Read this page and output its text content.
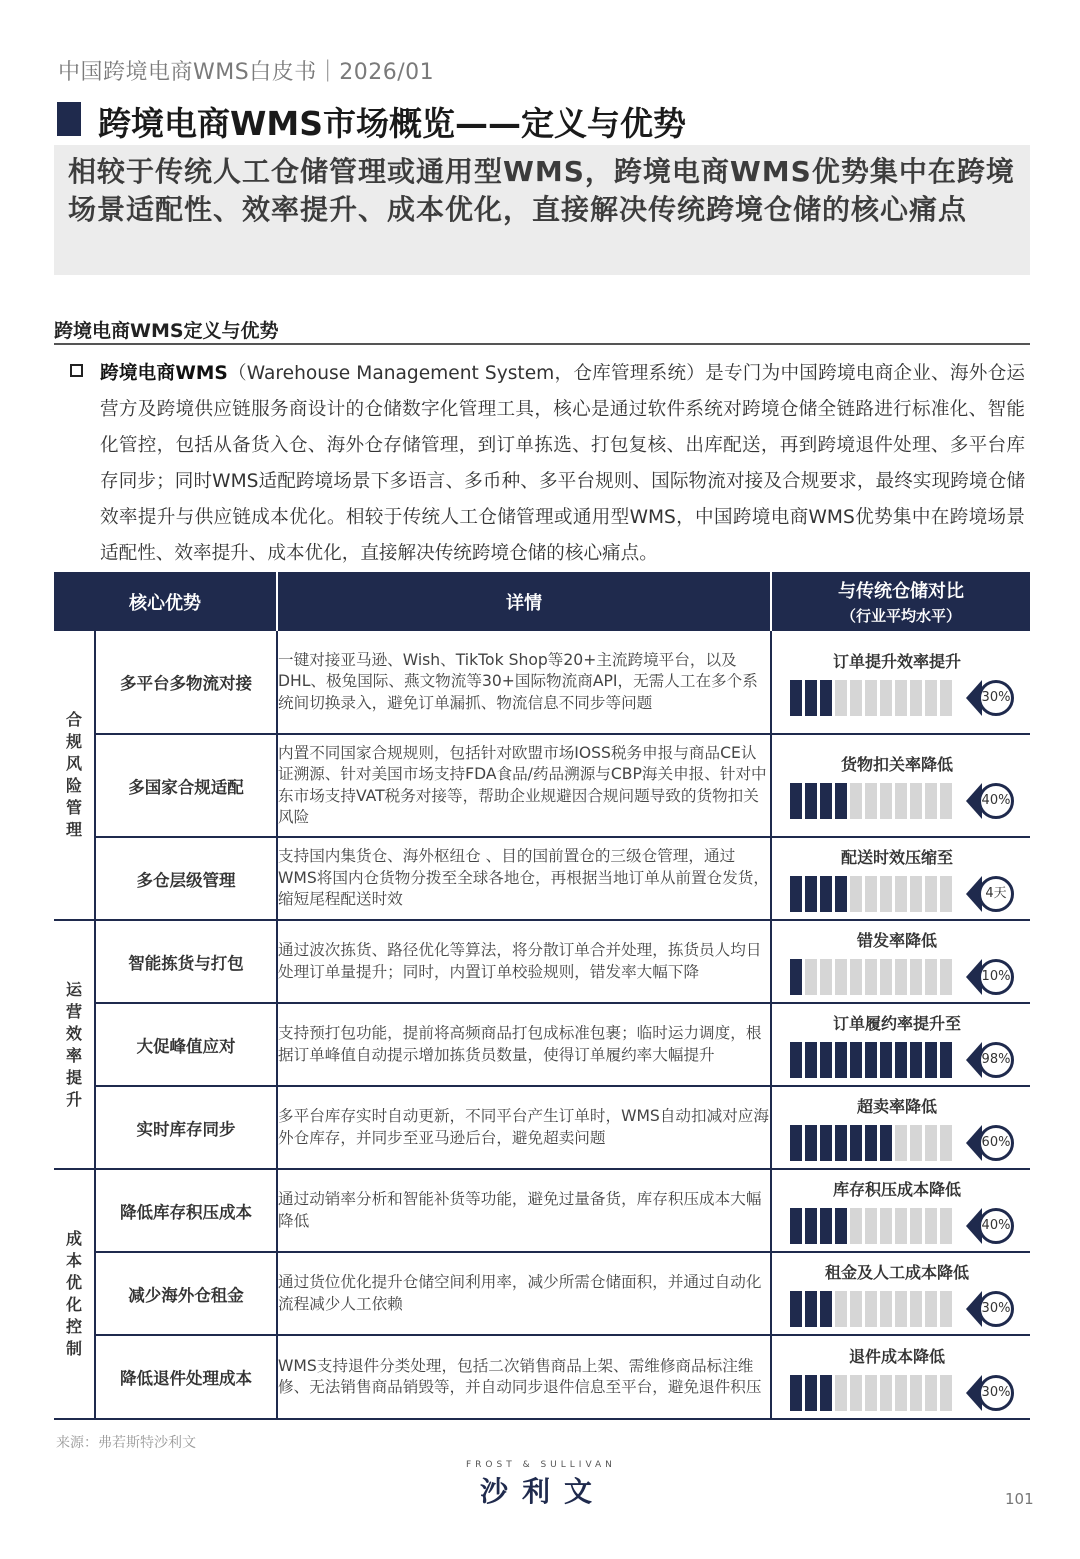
中国跨境电商WMS白皮书｜2026/01
跨境电商WMS市场概览——定义与优势
相较于传统人工仓储管理或通用型WMS，跨境电商WMS优势集中在跨境场景适配性、效率提升、成本优化，直接解决传统跨境仓储的核心痛点
跨境电商WMS定义与优势
跨境电商WMS（Warehouse Management System，仓库管理系统）是专门为中国跨境电商企业、海外仓运营方及跨境供应链服务商设计的仓储数字化管理工具，核心是通过软件系统对跨境仓储全链路进行标准化、智能化管控，包括从备货入仓、海外仓存储管理，到订单拣选、打包复核、出库配送，再到跨境退件处理、多平台库存同步；同时WMS适配跨境场景下多语言、多币种、多平台规则、国际物流对接及合规要求，最终实现跨境仓储效率提升与供应链成本优化。相较于传统人工仓储管理或通用型WMS，中国跨境电商WMS优势集中在跨境场景适配性、效率提升、成本优化，直接解决传统跨境仓储的核心痛点。
核心优势		详情	与传统仓储对比
（行业平均水平）

合规风险管理	多平台多物流对接	一键对接亚马逊、Wish、TikTok Shop等20+主流跨境平台，以及DHL、极兔国际、燕文物流等30+国际物流商API，无需人工在多个系统间切换录入，避免订单漏抓、物流信息不同步等问题	订单提升效率提升
30%

	多国家合规适配	内置不同国家合规规则，包括针对欧盟市场IOSS税务申报与商品CE认证溯源、针对美国市场支持FDA食品/药品溯源与CBP海关申报、针对中东市场支持VAT税务对接等，帮助企业规避因合规问题导致的货物扣关风险	货物扣关率降低
40%

	多仓层级管理	支持国内集货仓、海外枢纽仓 、目的国前置仓的三级仓管理，通过WMS将国内仓货物分拨至全球各地仓，再根据当地订单从前置仓发货，缩短尾程配送时效	配送时效压缩至
4天

运营效率提升	智能拣货与打包	通过波次拣货、路径优化等算法，将分散订单合并处理，拣货员人均日处理订单量提升；同时，内置订单校验规则，错发率大幅下降	错发率降低
10%

	大促峰值应对	支持预打包功能，提前将高频商品打包成标准包裹；临时运力调度，根据订单峰值自动提示增加拣货员数量，使得订单履约率大幅提升	订单履约率提升至
98%

	实时库存同步	多平台库存实时自动更新，不同平台产生订单时，WMS自动扣减对应海外仓库存，并同步至亚马逊后台，避免超卖问题	超卖率降低
60%

成本优化控制	降低库存积压成本	通过动销率分析和智能补货等功能，避免过量备货，库存积压成本大幅降低	库存积压成本降低
40%

	减少海外仓租金	通过货位优化提升仓储空间利用率，减少所需仓储面积，并通过自动化流程减少人工依赖	租金及人工成本降低
30%

	降低退件处理成本	WMS支持退件分类处理，包括二次销售商品上架、需维修商品标注维修、无法销售商品销毁等，并自动同步退件信息至平台，避免退件积压	退件成本降低
30%
来源：弗若斯特沙利文
FROST & SULLIVAN
沙利文	101
